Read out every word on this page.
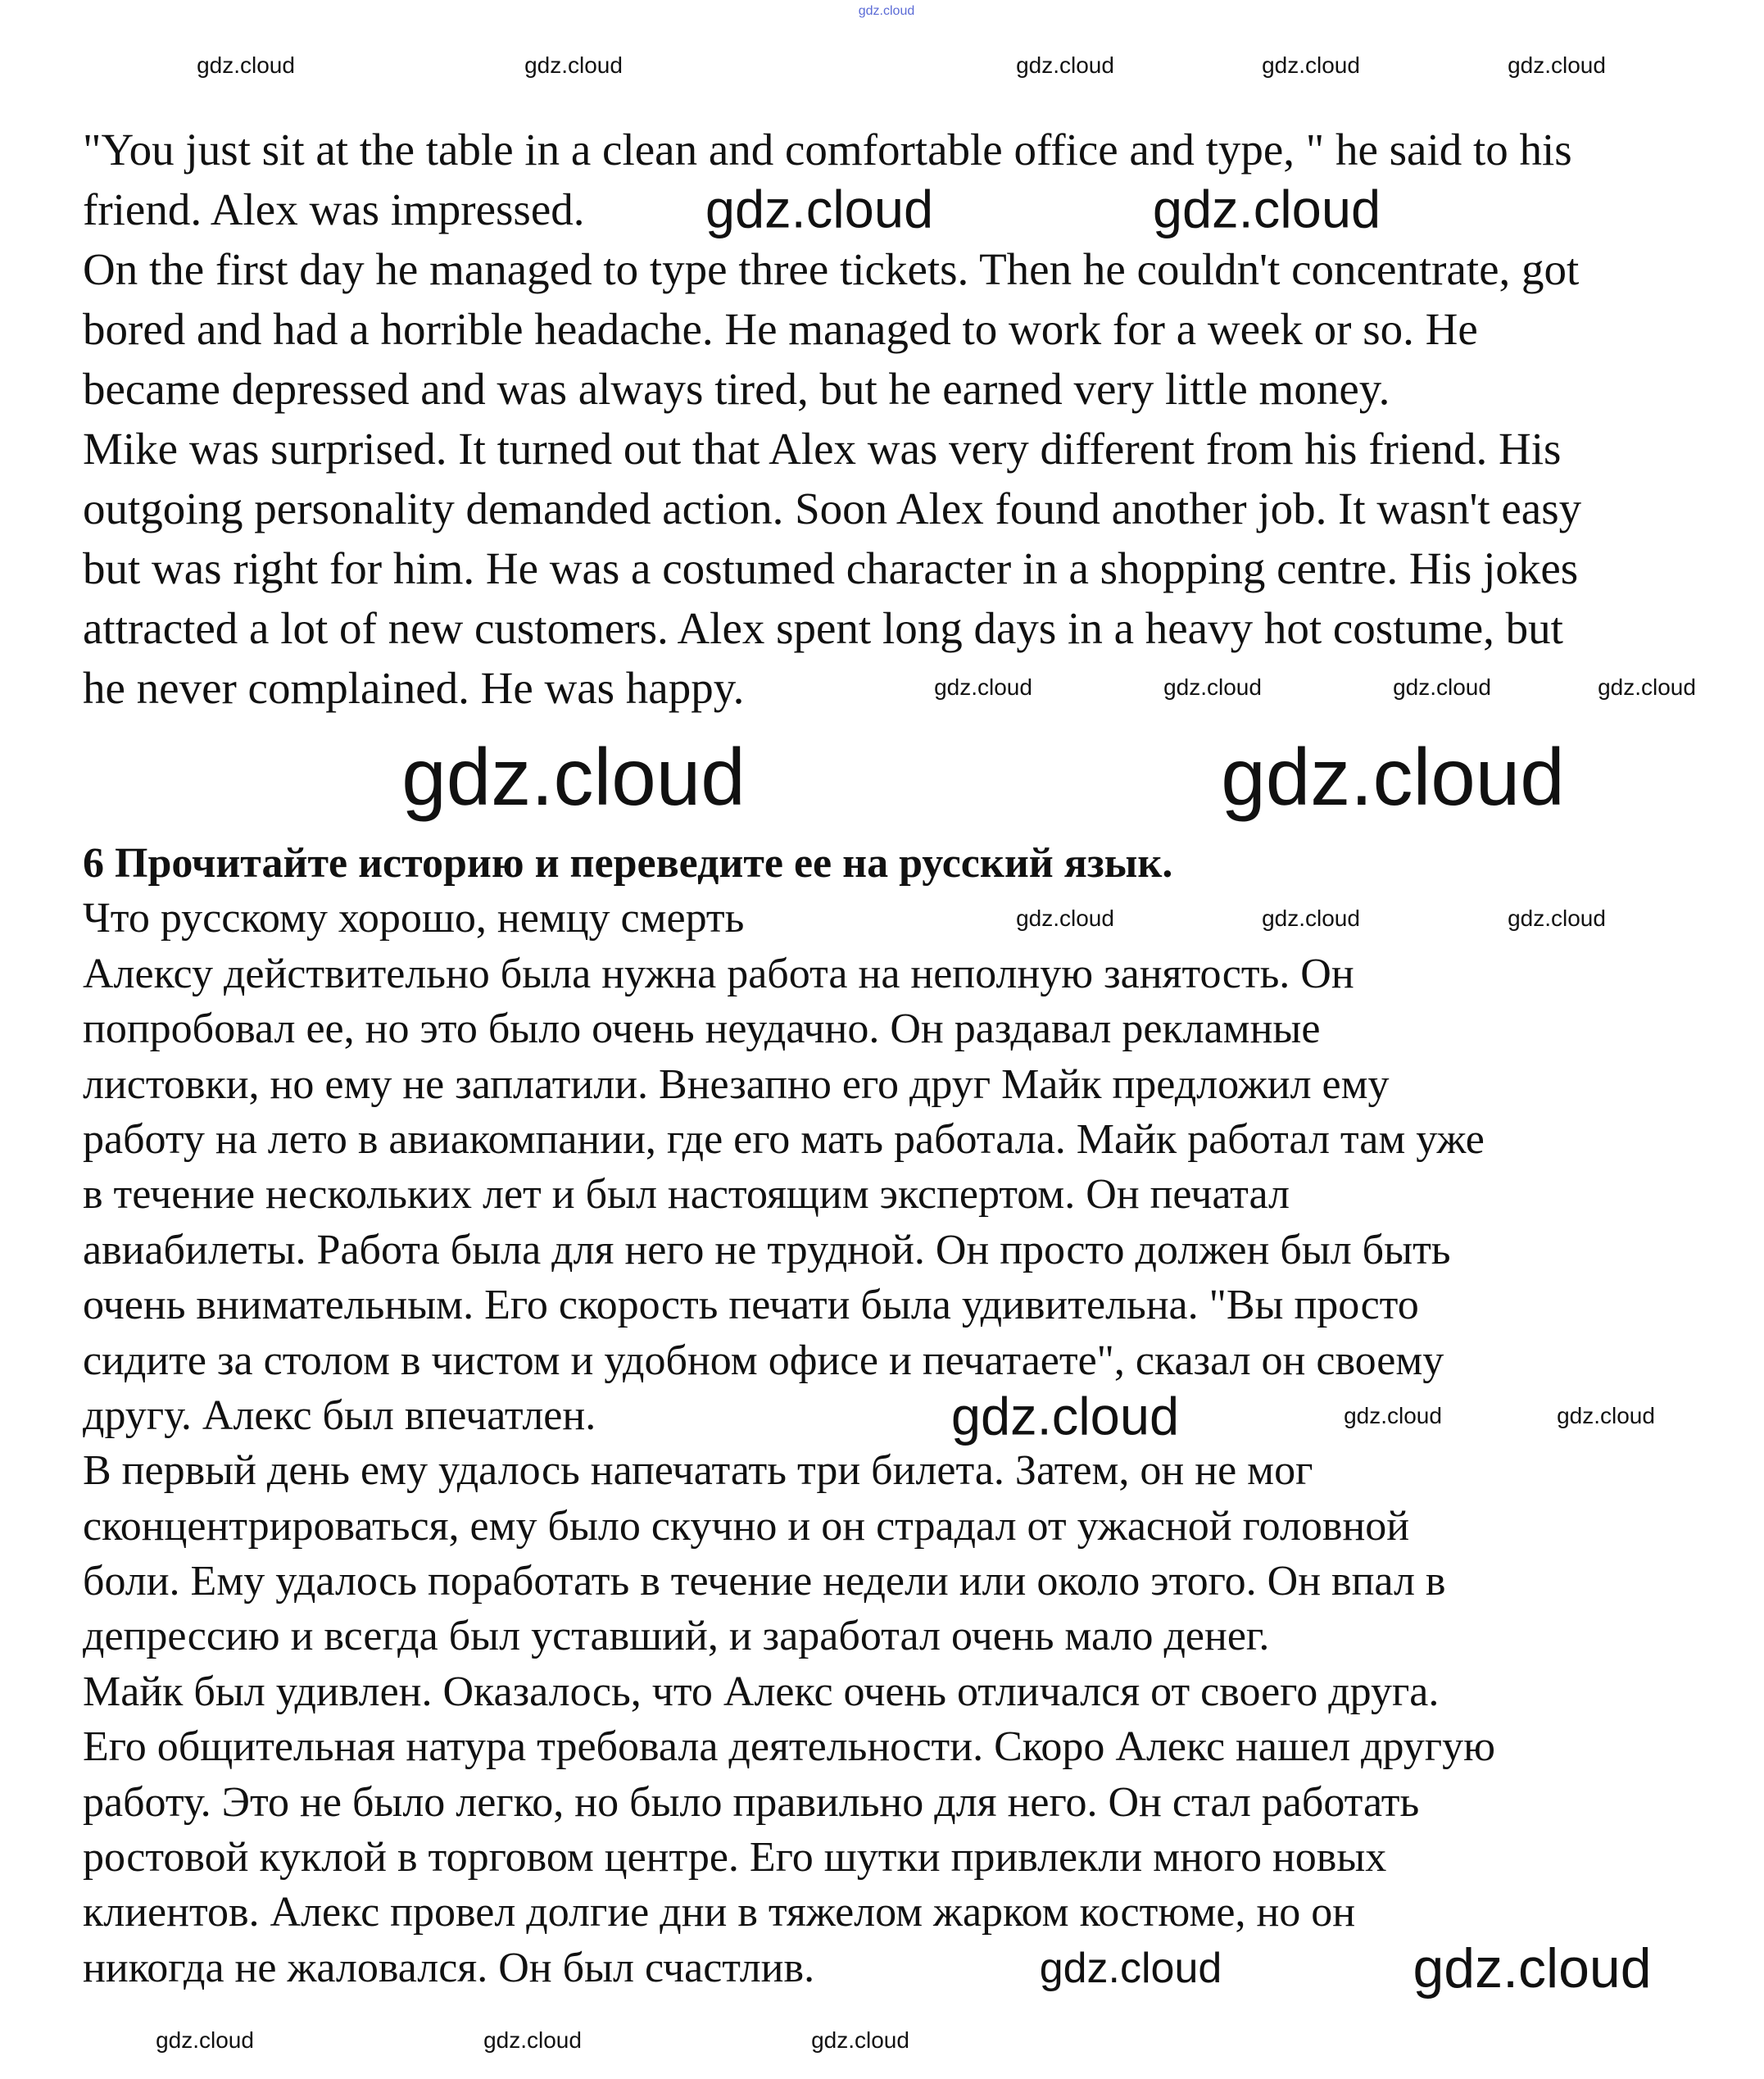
"You just sit at the table in a clean and comfortable office and type, " he said to his
friend. Alex was impressed.
On the first day he managed to type three tickets. Then he couldn't concentrate, got
bored and had a horrible headache. He managed to work for a week or so. He
became depressed and was always tired, but he earned very little money.
Mike was surprised. It turned out that Alex was very different from his friend. His
outgoing personality demanded action. Soon Alex found another job. It wasn't easy
but was right for him. He was a costumed character in a shopping centre. His jokes
attracted a lot of new customers. Alex spent long days in a heavy hot costume, but
he never complained. He was happy.
6 Прочитайте историю и переведите ее на русский язык.
Что русскому хорошо, немцу смерть
Алексу действительно была нужна работа на неполную занятость. Он
попробовал ее, но это было очень неудачно. Он раздавал рекламные
листовки, но ему не заплатили. Внезапно его друг Майк предложил ему
работу на лето в авиакомпании, где его мать работала. Майк работал там уже
в течение нескольких лет и был настоящим экспертом. Он печатал
авиабилеты. Работа была для него не трудной. Он просто должен был быть
очень внимательным. Его скорость печати была удивительна. "Вы просто
сидите за столом в чистом и удобном офисе и печатаете", сказал он своему
другу. Алекс был впечатлен.
В первый день ему удалось напечатать три билета. Затем, он не мог
сконцентрироваться, ему было скучно и он страдал от ужасной головной
боли. Ему удалось поработать в течение недели или около этого. Он впал в
депрессию и всегда был уставший, и заработал очень мало денег.
Майк был удивлен. Оказалось, что Алекс очень отличался от своего друга.
Его общительная натура требовала деятельности. Скоро Алекс нашел другую
работу. Это не было легко, но было правильно для него. Он стал работать
ростовой куклой в торговом центре. Его шутки привлекли много новых
клиентов. Алекс провел долгие дни в тяжелом жарком костюме, но он
никогда не жаловался. Он был счастлив.
gdz.cloud
gdz.cloud	gdz.cloud	gdz.cloud	gdz.cloud	gdz.cloud
gdz.cloud	gdz.cloud
gdz.cloud	gdz.cloud	gdz.cloud	gdz.cloud
gdz.cloud
gdz.cloud
gdz.cloud	gdz.cloud	gdz.cloud
gdz.cloud	gdz.cloud	gdz.cloud
gdz.cloud	gdz.cloud
gdz.cloud	gdz.cloud	gdz.cloud
